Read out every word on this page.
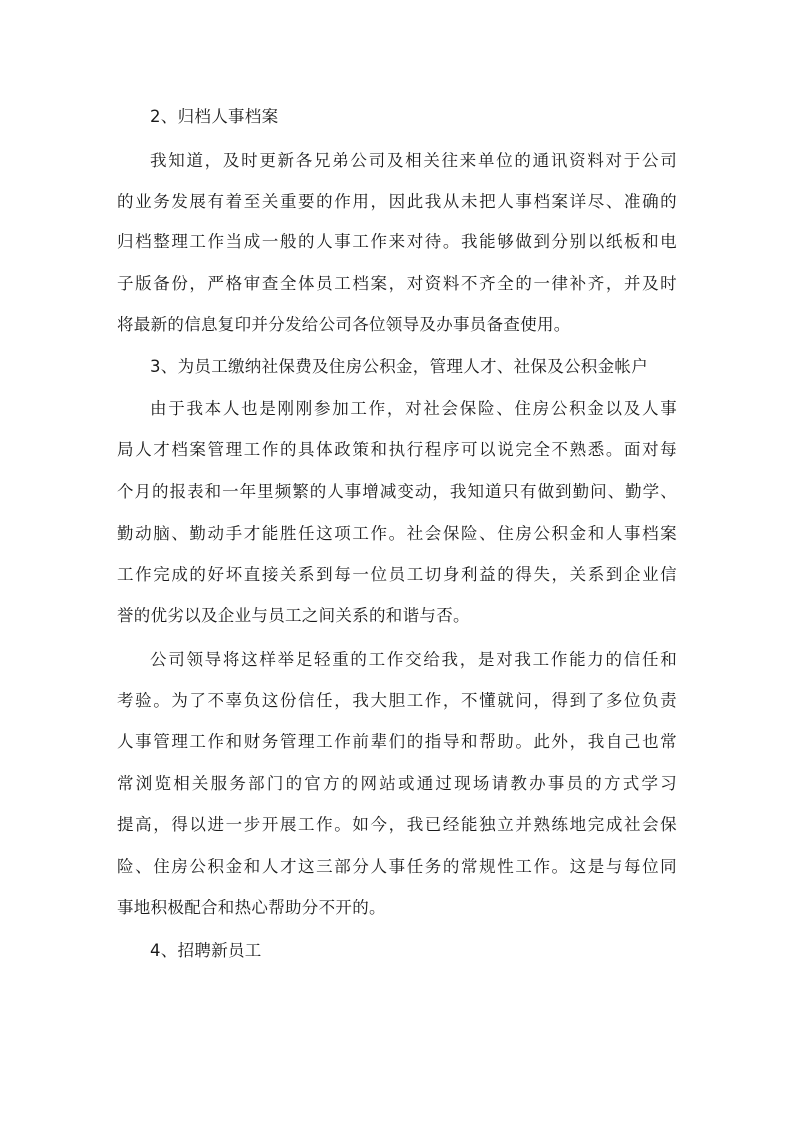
2、归档人事档案
我知道，及时更新各兄弟公司及相关往来单位的通讯资料对于公司
的业务发展有着至关重要的作用，因此我从未把人事档案详尽、准确的
归档整理工作当成一般的人事工作来对待。我能够做到分别以纸板和电
子版备份，严格审查全体员工档案，对资料不齐全的一律补齐，并及时
将最新的信息复印并分发给公司各位领导及办事员备查使用。
3、为员工缴纳社保费及住房公积金，管理人才、社保及公积金帐户
由于我本人也是刚刚参加工作，对社会保险、住房公积金以及人事
局人才档案管理工作的具体政策和执行程序可以说完全不熟悉。面对每
个月的报表和一年里频繁的人事增减变动，我知道只有做到勤问、勤学、
勤动脑、勤动手才能胜任这项工作。社会保险、住房公积金和人事档案
工作完成的好坏直接关系到每一位员工切身利益的得失，关系到企业信
誉的优劣以及企业与员工之间关系的和谐与否。
公司领导将这样举足轻重的工作交给我，是对我工作能力的信任和
考验。为了不辜负这份信任，我大胆工作，不懂就问，得到了多位负责
人事管理工作和财务管理工作前辈们的指导和帮助。此外，我自己也常
常浏览相关服务部门的官方的网站或通过现场请教办事员的方式学习
提高，得以进一步开展工作。如今，我已经能独立并熟练地完成社会保
险、住房公积金和人才这三部分人事任务的常规性工作。这是与每位同
事地积极配合和热心帮助分不开的。
4、招聘新员工
